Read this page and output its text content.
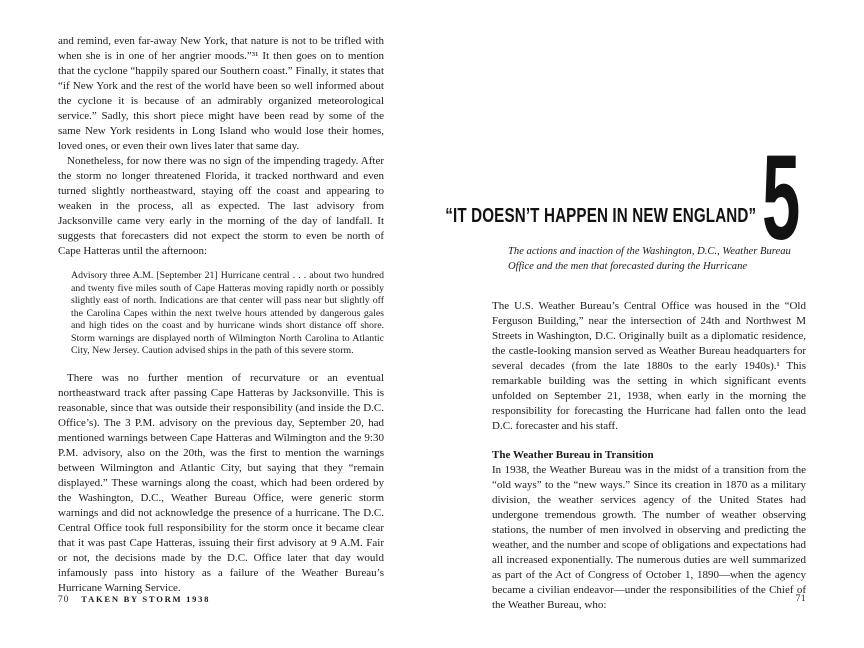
and remind, even far-away New York, that nature is not to be trifled with when she is in one of her angrier moods.”³¹ It then goes on to mention that the cyclone “happily spared our Southern coast.” Finally, it states that “if New York and the rest of the world have been so well informed about the cyclone it is because of an admirably organized meteorological service.” Sadly, this short piece might have been read by some of the same New York residents in Long Island who would lose their homes, loved ones, or even their own lives later that same day.

Nonetheless, for now there was no sign of the impending tragedy. After the storm no longer threatened Florida, it tracked northward and even turned slightly northeastward, staying off the coast and appearing to weaken in the process, all as expected. The last advisory from Jacksonville came very early in the morning of the day of landfall. It suggests that forecasters did not expect the storm to even be north of Cape Hatteras until the afternoon:

Advisory three A.M. [September 21] Hurricane central . . . about two hundred and twenty five miles south of Cape Hatteras moving rapidly north or possibly slightly east of north. Indications are that center will pass near but slightly off the Carolina Capes within the next twelve hours attended by dangerous gales and high tides on the coast and by hurricane winds short distance off shore. Storm warnings are displayed north of Wilmington North Carolina to Atlantic City, New Jersey. Caution advised ships in the path of this severe storm.

There was no further mention of recurvature or an eventual northeastward track after passing Cape Hatteras by Jacksonville. This is reasonable, since that was outside their responsibility (and inside the D.C. Office’s). The 3 P.M. advisory on the previous day, September 20, had mentioned warnings between Cape Hatteras and Wilmington and the 9:30 P.M. advisory, also on the 20th, was the first to mention the warnings between Wilmington and Atlantic City, but saying that they “remain displayed.” These warnings along the coast, which had been ordered by the Washington, D.C., Weather Bureau Office, were generic storm warnings and did not acknowledge the presence of a hurricane. The D.C. Central Office took full responsibility for the storm once it became clear that it was past Cape Hatteras, issuing their first advisory at 9 A.M. Fair or not, the decisions made by the D.C. Office later that day would infamously pass into history as a failure of the Weather Bureau’s Hurricane Warning Service.

70 TAKEN BY STORM 1938
5
“IT DOESN’T HAPPEN IN NEW ENGLAND”
The actions and inaction of the Washington, D.C., Weather Bureau Office and the men that forecasted during the Hurricane

The U.S. Weather Bureau’s Central Office was housed in the “Old Ferguson Building,” near the intersection of 24th and Northwest M Streets in Washington, D.C. Originally built as a diplomatic residence, the castle-looking mansion served as Weather Bureau headquarters for several decades (from the late 1880s to the early 1940s).¹ This remarkable building was the setting in which significant events unfolded on September 21, 1938, when early in the morning the responsibility for forecasting the Hurricane had fallen onto the lead D.C. forecaster and his staff.

The Weather Bureau in Transition

In 1938, the Weather Bureau was in the midst of a transition from the “old ways” to the “new ways.” Since its creation in 1870 as a military division, the weather services agency of the United States had undergone tremendous growth. The number of weather observing stations, the number of men involved in observing and predicting the weather, and the number and scope of obligations and expectations had all increased exponentially. The numerous duties are well summarized as part of the Act of Congress of October 1, 1890—when the agency became a civilian endeavor—under the responsibilities of the Chief of the Weather Bureau, who:	71
